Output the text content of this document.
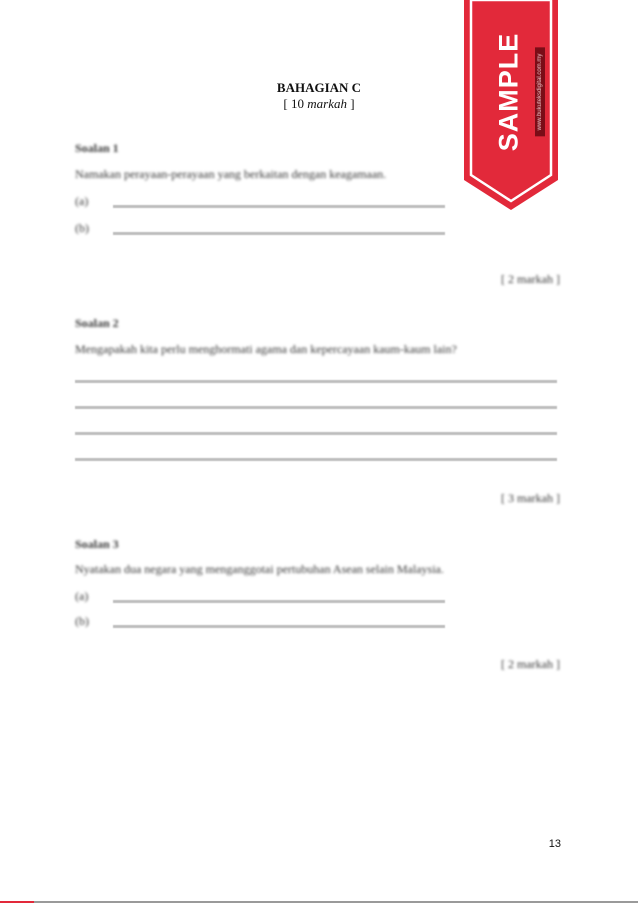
BAHAGIAN C
[ 10 markah ]
Soalan 1
Namakan perayaan-perayaan yang berkaitan dengan keagamaan.
(a)
(b)
[ 2 markah ]
Soalan 2
Mengapakah kita perlu menghormati agama dan kepercayaan kaum-kaum lain?
[ 3 markah ]
Soalan 3
Nyatakan dua negara yang menganggotai pertubuhan Asean selain Malaysia.
(a)
(b)
[ 2 markah ]
13
SAMPLE	www.bukuteksdigital.com.my
